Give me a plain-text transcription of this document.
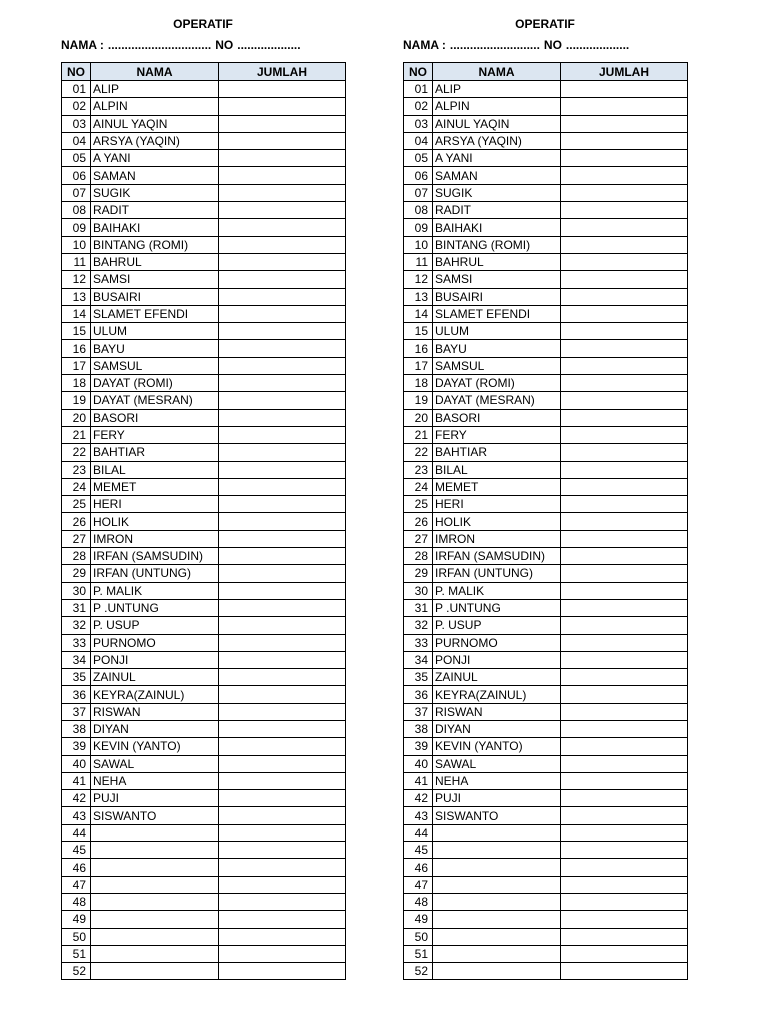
OPERATIF
NAMA : ............................... NO ...................
NO	NAMA	JUMLAH
01	ALIP	
02	ALPIN	
03	AINUL YAQIN	
04	ARSYA (YAQIN)	
05	A YANI	
06	SAMAN	
07	SUGIK	
08	RADIT	
09	BAIHAKI	
10	BINTANG (ROMI)	
11	BAHRUL	
12	SAMSI	
13	BUSAIRI	
14	SLAMET EFENDI	
15	ULUM	
16	BAYU	
17	SAMSUL	
18	DAYAT (ROMI)	
19	DAYAT (MESRAN)	
20	BASORI	
21	FERY	
22	BAHTIAR	
23	BILAL	
24	MEMET	
25	HERI	
26	HOLIK	
27	IMRON	
28	IRFAN (SAMSUDIN)	
29	IRFAN (UNTUNG)	
30	P. MALIK	
31	P .UNTUNG	
32	P. USUP	
33	PURNOMO	
34	PONJI	
35	ZAINUL	
36	KEYRA(ZAINUL)	
37	RISWAN	
38	DIYAN	
39	KEVIN (YANTO)	
40	SAWAL	
41	NEHA	
42	PUJI	
43	SISWANTO	
44		
45		
46		
47		
48		
49		
50		
51		
52		
OPERATIF
NAMA : ........................... NO ...................
NO	NAMA	JUMLAH
01	ALIP	
02	ALPIN	
03	AINUL YAQIN	
04	ARSYA (YAQIN)	
05	A YANI	
06	SAMAN	
07	SUGIK	
08	RADIT	
09	BAIHAKI	
10	BINTANG (ROMI)	
11	BAHRUL	
12	SAMSI	
13	BUSAIRI	
14	SLAMET EFENDI	
15	ULUM	
16	BAYU	
17	SAMSUL	
18	DAYAT (ROMI)	
19	DAYAT (MESRAN)	
20	BASORI	
21	FERY	
22	BAHTIAR	
23	BILAL	
24	MEMET	
25	HERI	
26	HOLIK	
27	IMRON	
28	IRFAN (SAMSUDIN)	
29	IRFAN (UNTUNG)	
30	P. MALIK	
31	P .UNTUNG	
32	P. USUP	
33	PURNOMO	
34	PONJI	
35	ZAINUL	
36	KEYRA(ZAINUL)	
37	RISWAN	
38	DIYAN	
39	KEVIN (YANTO)	
40	SAWAL	
41	NEHA	
42	PUJI	
43	SISWANTO	
44		
45		
46		
47		
48		
49		
50		
51		
52		
